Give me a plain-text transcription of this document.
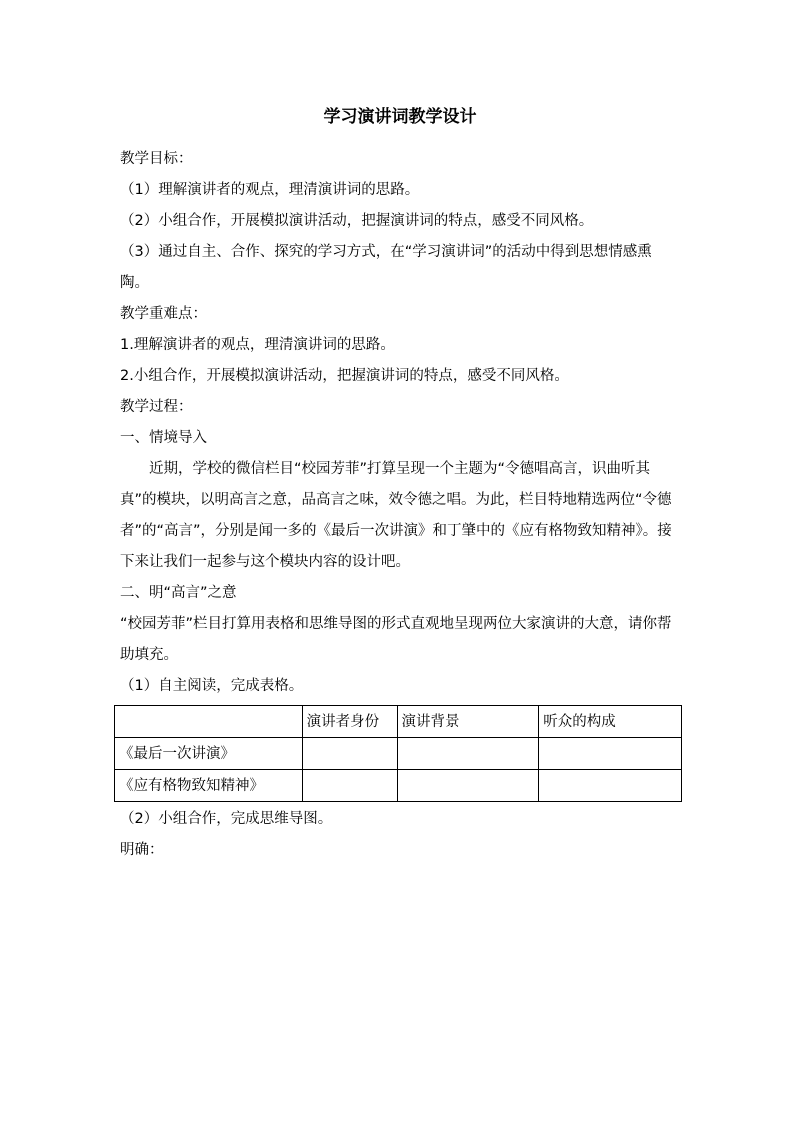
学习演讲词教学设计

教学目标：

（1）理解演讲者的观点，理清演讲词的思路。

（2）小组合作，开展模拟演讲活动，把握演讲词的特点，感受不同风格。

（3）通过自主、合作、探究的学习方式，在“学习演讲词”的活动中得到思想情感熏陶。

教学重难点：

1.理解演讲者的观点，理清演讲词的思路。

2.小组合作，开展模拟演讲活动，把握演讲词的特点，感受不同风格。

教学过程：

一、情境导入

近期，学校的微信栏目“校园芳菲”打算呈现一个主题为“令德唱高言，识曲听其真”的模块，以明高言之意，品高言之味，效令德之唱。为此，栏目特地精选两位“令德者”的“高言”，分别是闻一多的《最后一次讲演》和丁肇中的《应有格物致知精神》。接下来让我们一起参与这个模块内容的设计吧。

二、明“高言”之意

“校园芳菲”栏目打算用表格和思维导图的形式直观地呈现两位大家演讲的大意，请你帮助填充。

（1）自主阅读，完成表格。

	演讲者身份	演讲背景	听众的构成
《最后一次讲演》			
《应有格物致知精神》			

（2）小组合作，完成思维导图。

明确：
